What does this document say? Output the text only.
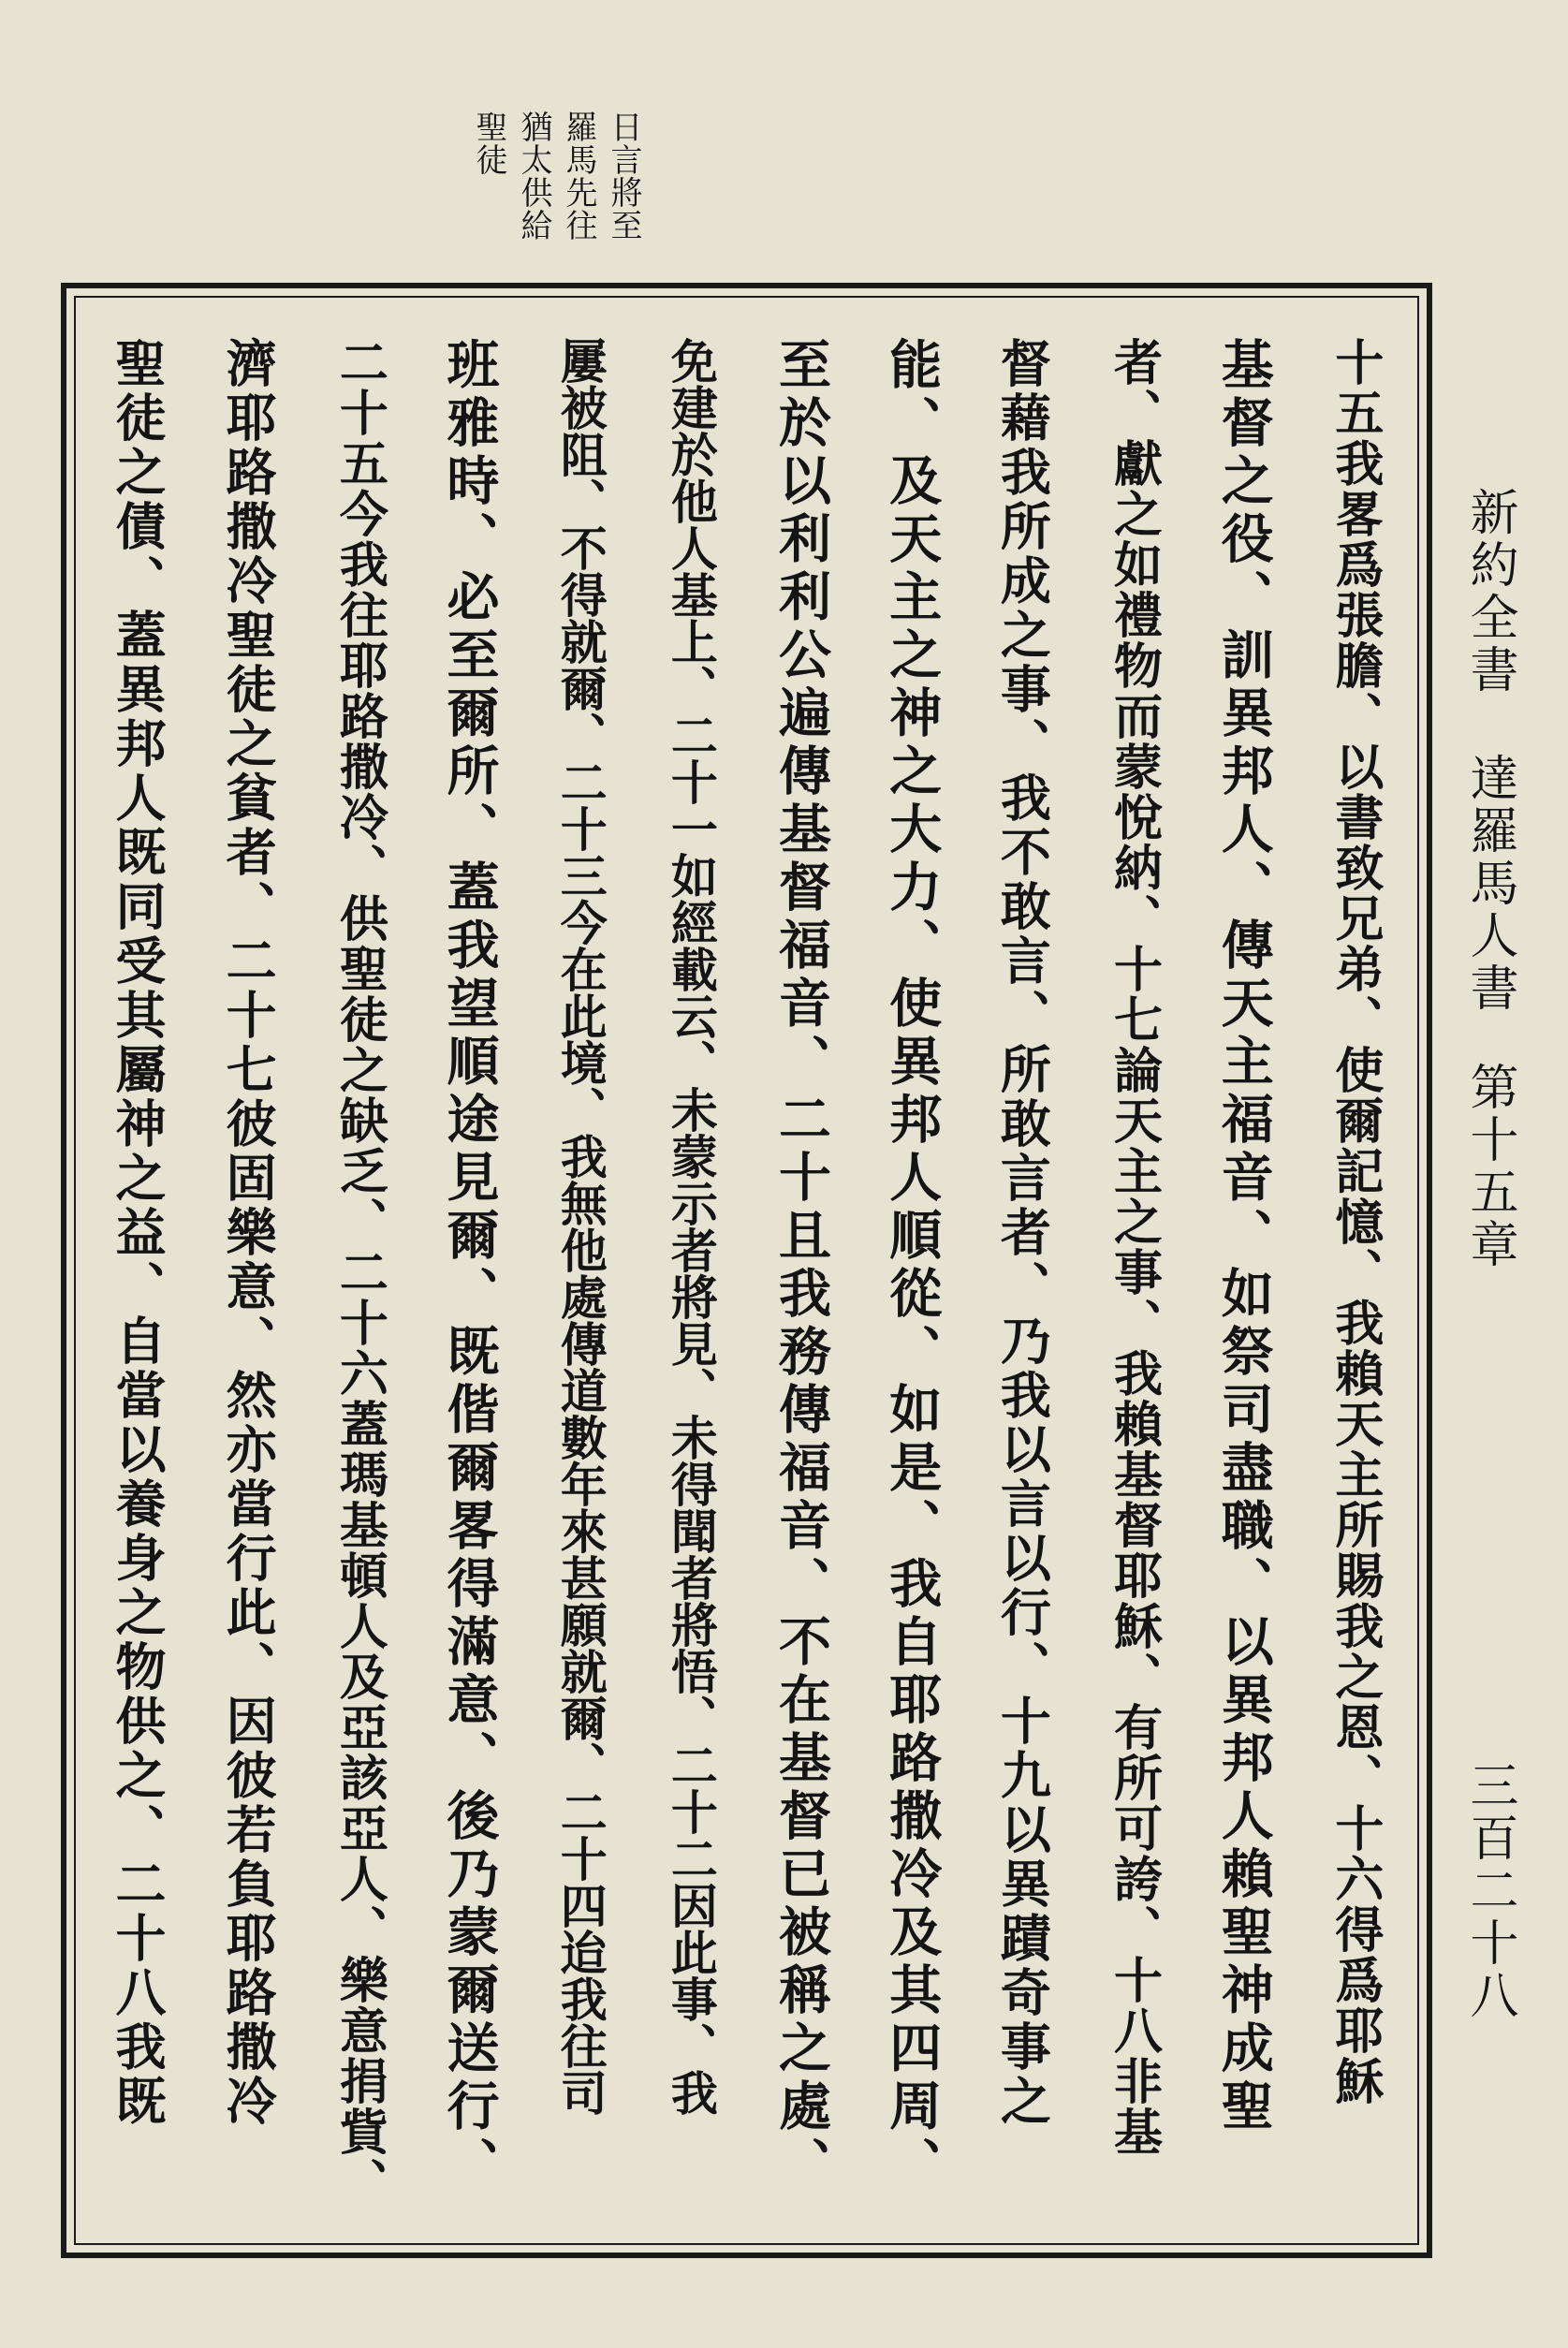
日言將至
羅馬先往
猶太供給
聖徒
新約全書
達羅馬人書
第十五章
三百二十八
十五我畧爲張膽、以書致兄弟、使爾記憶、我賴天主所賜我之恩、十六得爲耶穌
基督之役、訓異邦人、傳天主福音、如祭司盡職、以異邦人賴聖神成聖
者、獻之如禮物而蒙悅納、十七論天主之事、我賴基督耶穌、有所可誇、十八非基
督藉我所成之事、我不敢言、所敢言者、乃我以言以行、十九以異蹟奇事之
能、及天主之神之大力、使異邦人順從、如是、我自耶路撒冷及其四周、
至於以利利公遍傳基督福音、二十且我務傳福音、不在基督已被稱之處、
免建於他人基上、二十一如經載云、未蒙示者將見、未得聞者將悟、二十二因此事、我
屢被阻、不得就爾、二十三今在此境、我無他處傳道數年來甚願就爾、二十四迨我往司
班雅時、必至爾所、蓋我望順途見爾、既偕爾畧得滿意、後乃蒙爾送行、
二十五今我往耶路撒冷、供聖徒之缺乏、二十六蓋瑪基頓人及亞該亞人、樂意捐貲、
濟耶路撒冷聖徒之貧者、二十七彼固樂意、然亦當行此、因彼若負耶路撒冷
聖徒之債、蓋異邦人既同受其屬神之益、自當以養身之物供之、二十八我既
